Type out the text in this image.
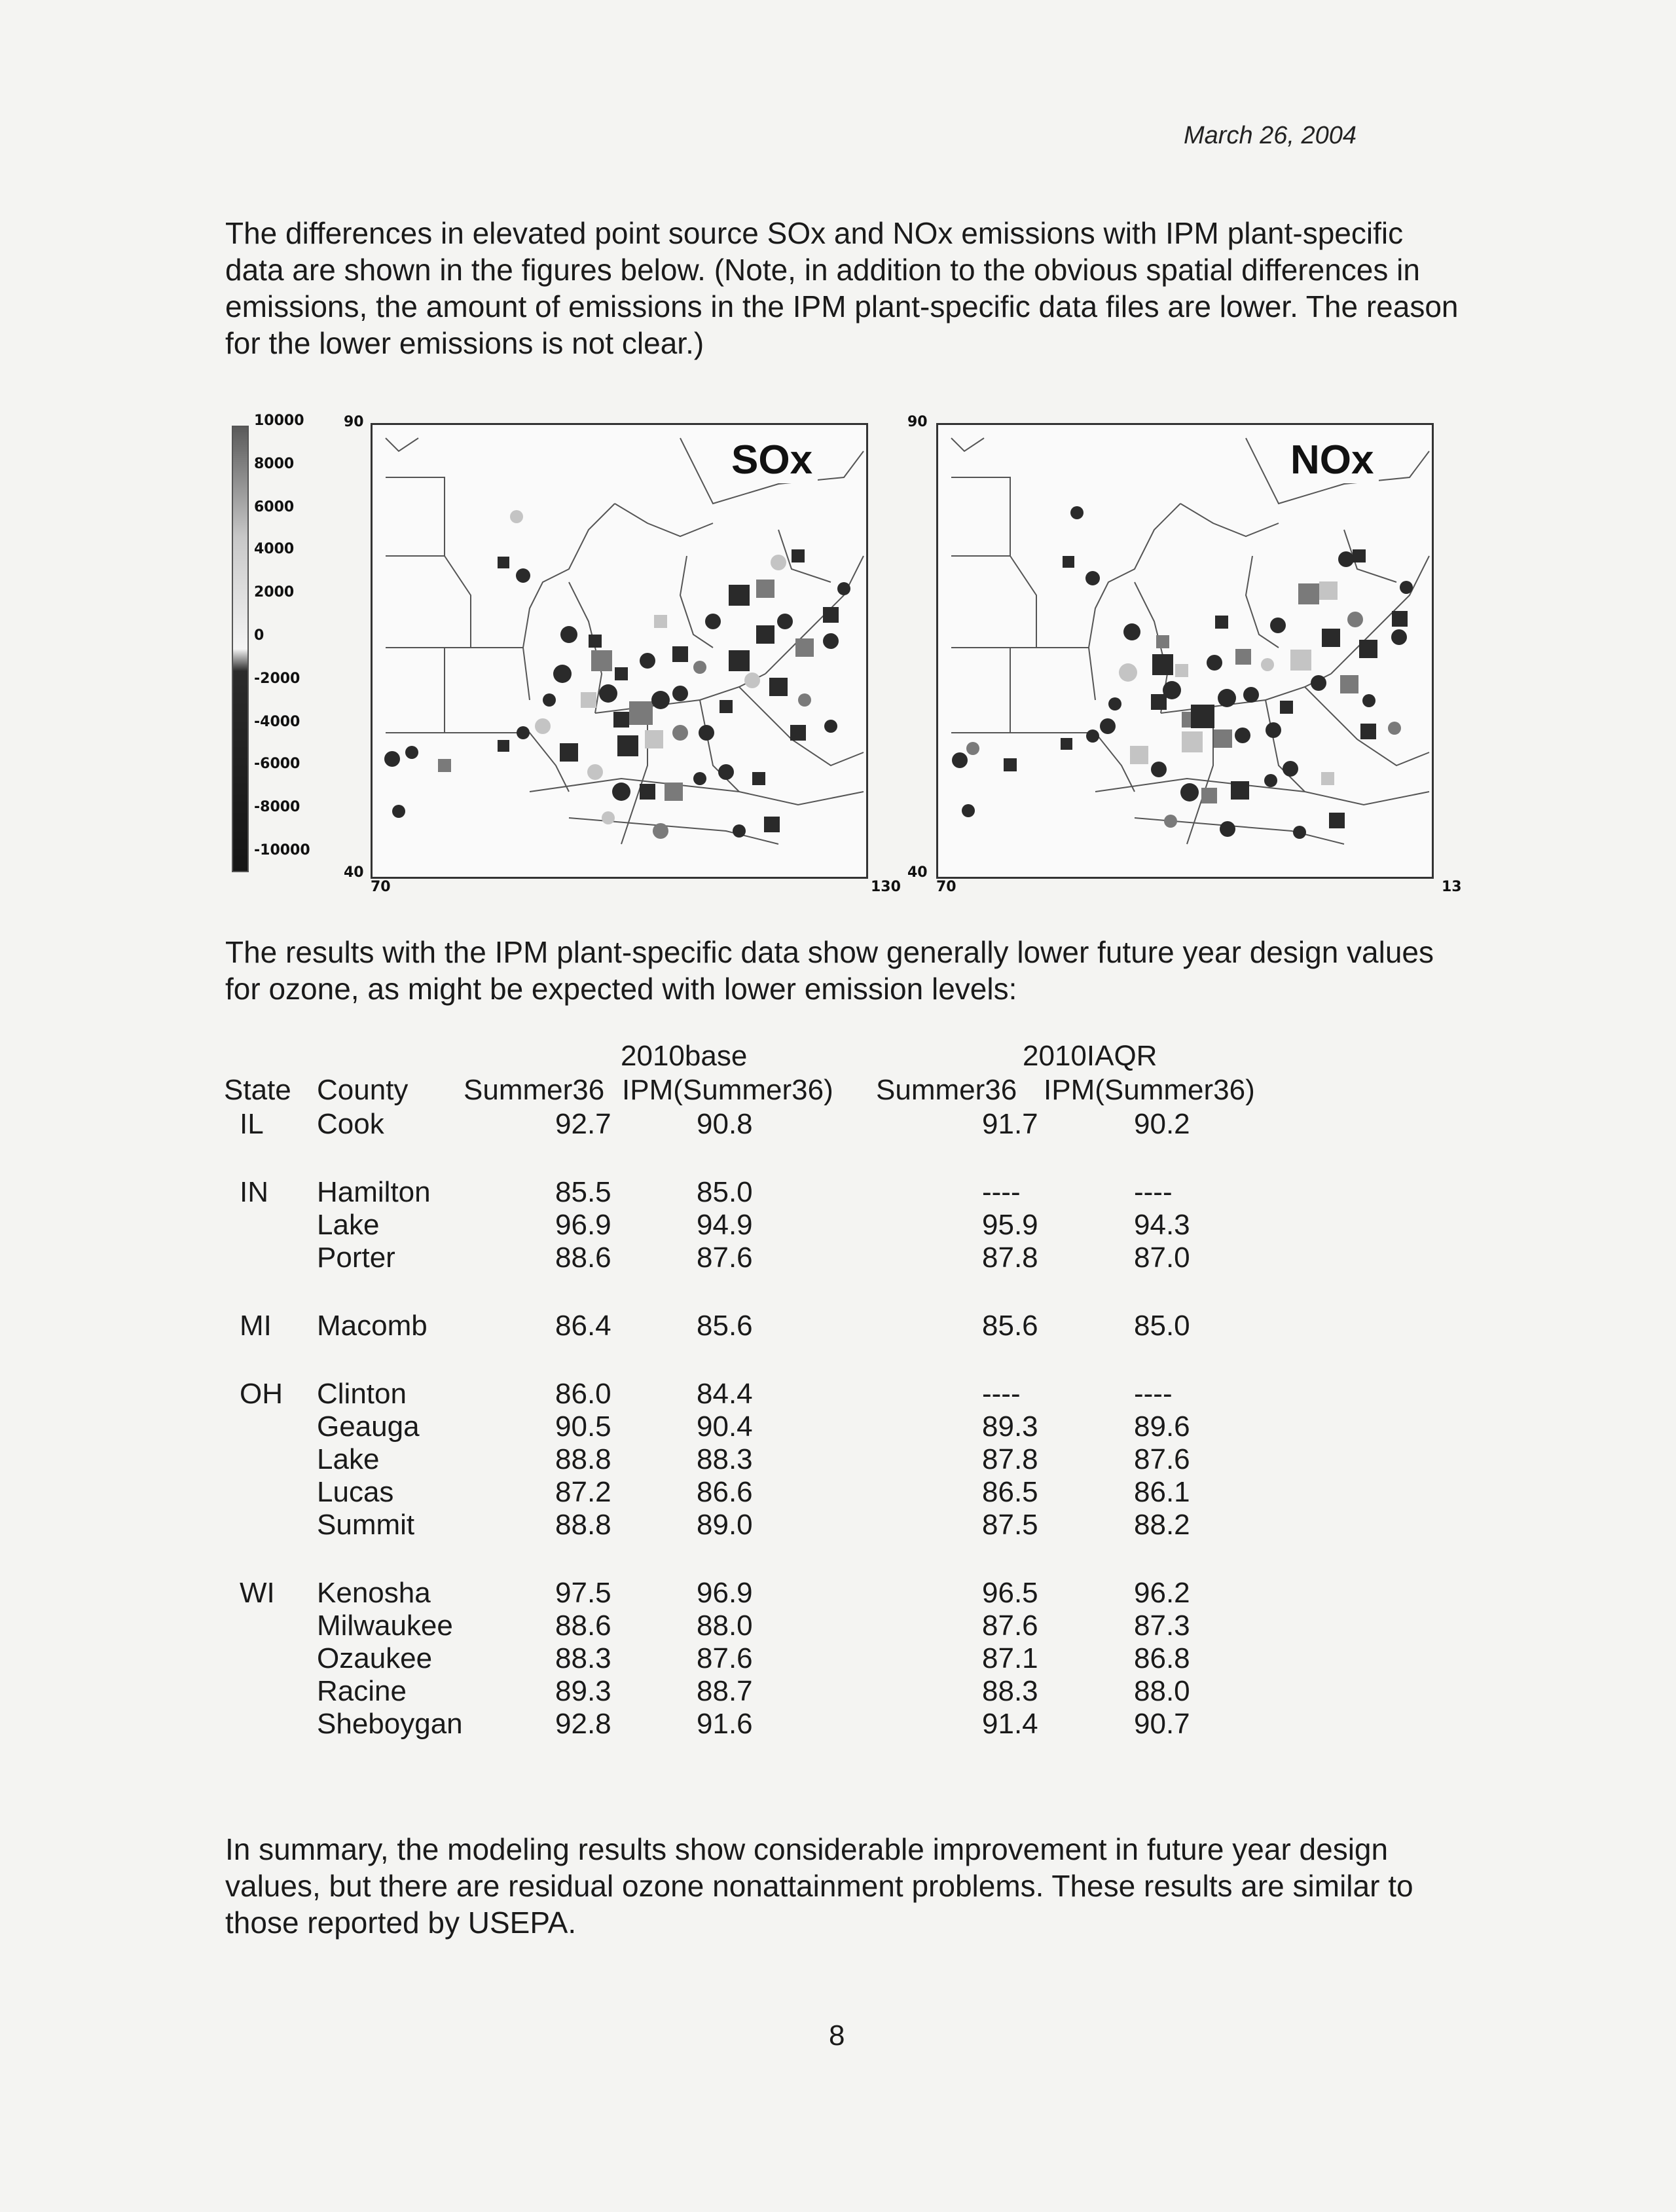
March 26, 2004
The differences in elevated point source SOx and NOx emissions with IPM plant-specific data are shown in the figures below. (Note, in addition to the obvious spatial differences in emissions, the amount of emissions in the IPM plant-specific data files are lower. The reason for the lower emissions is not clear.)
10000
8000
6000
4000
2000
0
-2000
-4000
-6000
-8000
-10000
90
40
70	130
SOx
90
40
70	13
NOx
The results with the IPM plant-specific data show generally lower future year design values for ozone, as might be expected with lower emission levels:
2010base	2010IAQR
State County Summer36 IPM(Summer36) Summer36 IPM(Summer36)
IL Cook	92.7	90.8	91.7	90.2
IN Hamilton	85.5	85.0	----	----
Lake	96.9	94.9	95.9	94.3
Porter	88.6	87.6	87.8	87.0
MI Macomb	86.4	85.6	85.6	85.0
OH Clinton	86.0	84.4	----	----
Geauga	90.5	90.4	89.3	89.6
Lake	88.8	88.3	87.8	87.6
Lucas	87.2	86.6	86.5	86.1
Summit	88.8	89.0	87.5	88.2
WI Kenosha	97.5	96.9	96.5	96.2
Milwaukee	88.6	88.0	87.6	87.3
Ozaukee	88.3	87.6	87.1	86.8
Racine	89.3	88.7	88.3	88.0
Sheboygan	92.8	91.6	91.4	90.7
In summary, the modeling results show considerable improvement in future year design values, but there are residual ozone nonattainment problems. These results are similar to those reported by USEPA.
8
